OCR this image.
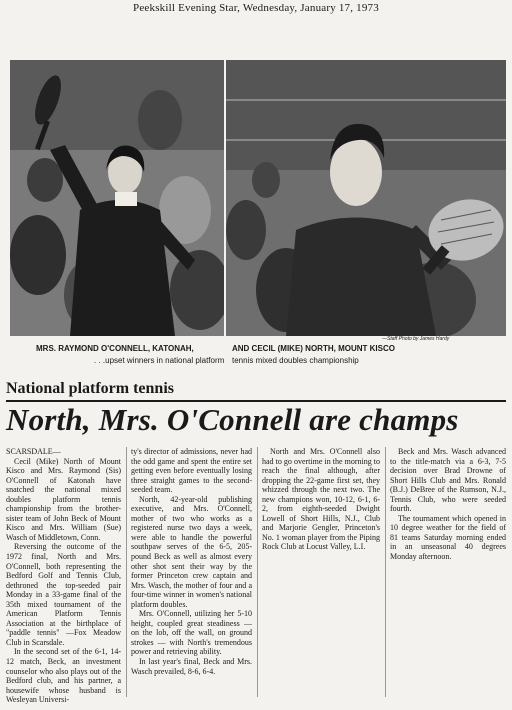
Peekskill Evening Star, Wednesday, January 17, 1973
—Staff Photo by James Hardy
MRS. RAYMOND O'CONNELL, KATONAH,
. . .upset winners in national platform
AND CECIL (MIKE) NORTH, MOUNT KISCO
tennis mixed doubles championship
National platform tennis
North, Mrs. O'Connell are champs

SCARSDALE—

Cecil (Mike) North of Mount Kisco and Mrs. Raymond (Sis) O'Connell of Katonah have snatched the national mixed doubles platform tennis championship from the brother-sister team of John Beck of Mount Kisco and Mrs. William (Sue) Wasch of Middletown, Conn.

Reversing the outcome of the 1972 final, North and Mrs. O'Connell, both representing the Bedford Golf and Tennis Club, dethroned the top-seeded pair Monday in a 33-game final of the 35th mixed tournament of the American Platform Tennis Association at the birthplace of "paddle tennis" —Fox Meadow Club in Scarsdale.

In the second set of the 6-1, 14-12 match, Beck, an investment counselor who also plays out of the Bedford club, and his partner, a housewife whose husband is Wesleyan Universi-

ty's director of admissions, never had the odd game and spent the entire set getting even before eventually losing three straight games to the second-seeded team.

North, 42-year-old publishing executive, and Mrs. O'Connell, mother of two who works as a registered nurse two days a week, were able to handle the powerful southpaw serves of the 6-5, 205-pound Beck as well as almost every other shot sent their way by the former Princeton crew captain and Mrs. Wasch, the mother of four and a four-time winner in women's national platform doubles.

Mrs. O'Connell, utilizing her 5-10 height, coupled great steadiness — on the lob, off the wall, on ground strokes — with North's tremendous power and retrieving ability.

In last year's final, Beck and Mrs. Wasch prevailed, 8-6, 6-4.

North and Mrs. O'Connell also had to go overtime in the morning to reach the final although, after dropping the 22-game first set, they whizzed through the next two. The new champions won, 10-12, 6-1, 6-2, from eighth-seeded Dwight Lowell of Short Hills, N.J., Club and Marjorie Gengler, Princeton's No. 1 woman player from the Piping Rock Club at Locust Valley, L.I.

Beck and Mrs. Wasch advanced to the title-match via a 6-3, 7-5 decision over Brad Drowne of Short Hills Club and Mrs. Ronald (B.J.) DeBree of the Rumson, N.J., Tennis Club, who were seeded fourth.

The tournament which opened in 10 degree weather for the field of 81 teams Saturday morning ended in an unseasonal 40 degrees Monday afternoon.
